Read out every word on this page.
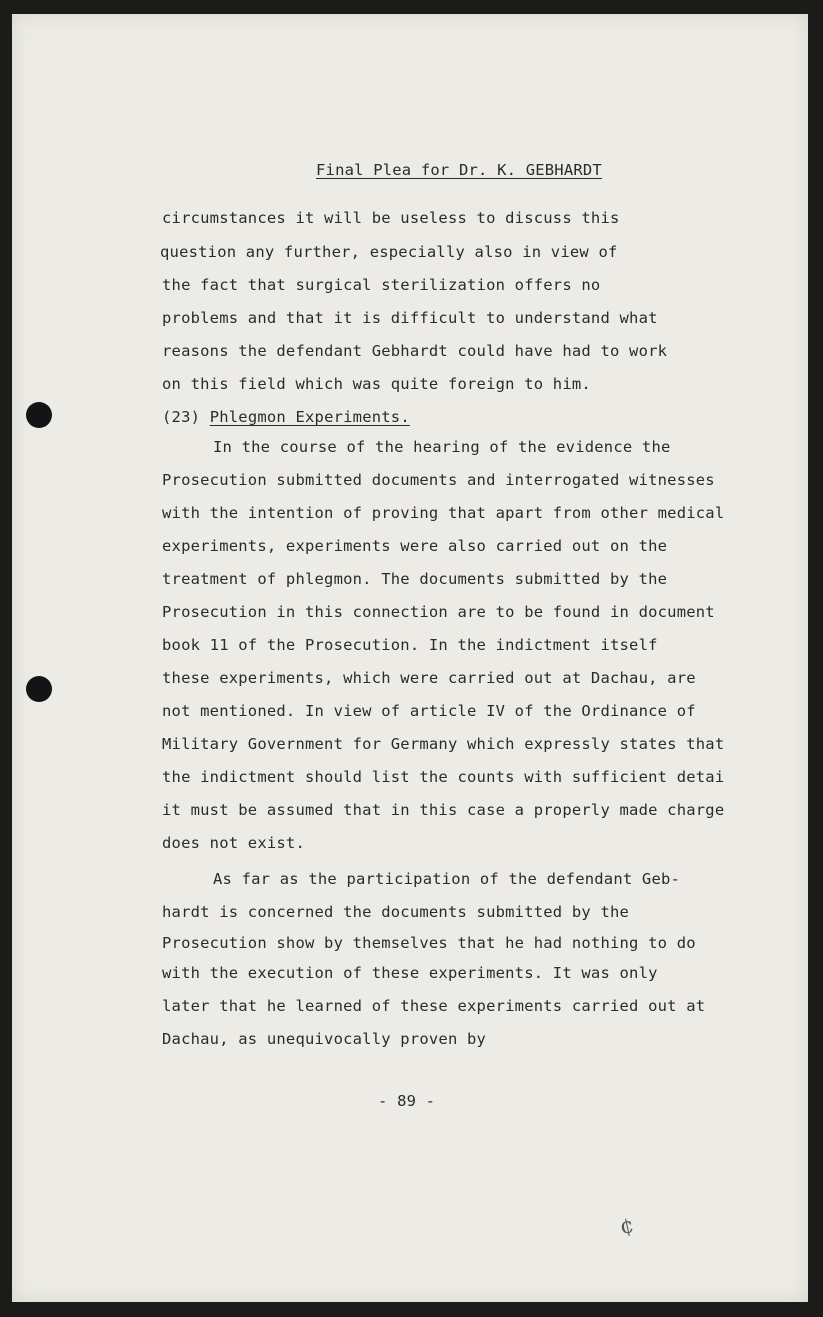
Final Plea for Dr. K. GEBHARDT
circumstances it will be useless to discuss this
question any further, especially also in view of
the fact that surgical sterilization offers no
problems and that it is difficult to understand what
reasons the defendant Gebhardt could have had to work
on this field which was quite foreign to him.
(23) Phlegmon Experiments.
In the course of the hearing of the evidence the
Prosecution submitted documents and interrogated witnesses
with the intention of proving that apart from other medical
experiments, experiments were also carried out on the
treatment of phlegmon. The documents submitted by the
Prosecution in this connection are to be found in document
book 11 of the Prosecution. In the indictment itself
these experiments, which were carried out at Dachau, are
not mentioned. In view of article IV of the Ordinance of
Military Government for Germany which expressly states that
the indictment should list the counts with sufficient detai
it must be assumed that in this case a properly made charge
does not exist.
As far as the participation of the defendant Geb-
hardt is concerned the documents submitted by the
Prosecution show by themselves that he had nothing to do
with the execution of these experiments. It was only
later that he learned of these experiments carried out at
Dachau, as unequivocally proven by
- 89 -
¢
